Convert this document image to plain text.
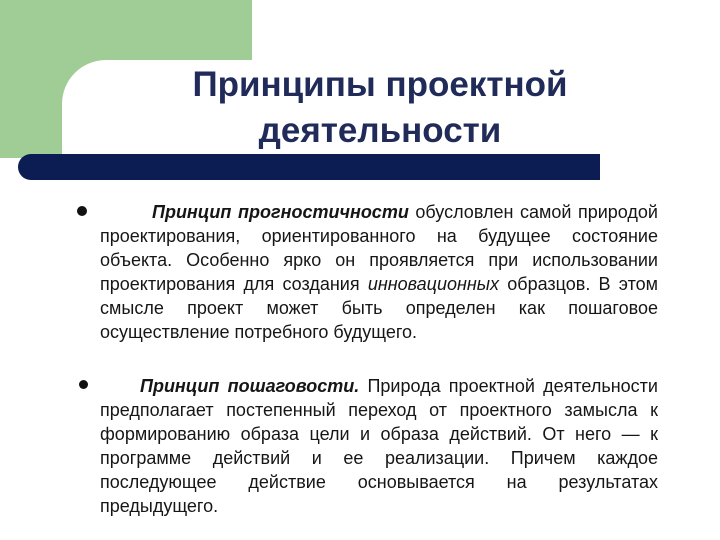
Принципы проектной
деятельности

Принцип прогностичности обусловлен самой природой проектирования, ориентированного на будущее состояние объекта. Особенно ярко он проявляется при использовании проектирования для создания инновационных образцов. В этом смысле проект может быть определен как пошаговое осуществление потребного будущего.

Принцип пошаговости. Природа проектной деятельности предполагает постепенный переход от проектного замысла к формированию образа цели и образа действий. От него — к программе действий и ее реализации. Причем каждое последующее действие основывается на результатах предыдущего.
